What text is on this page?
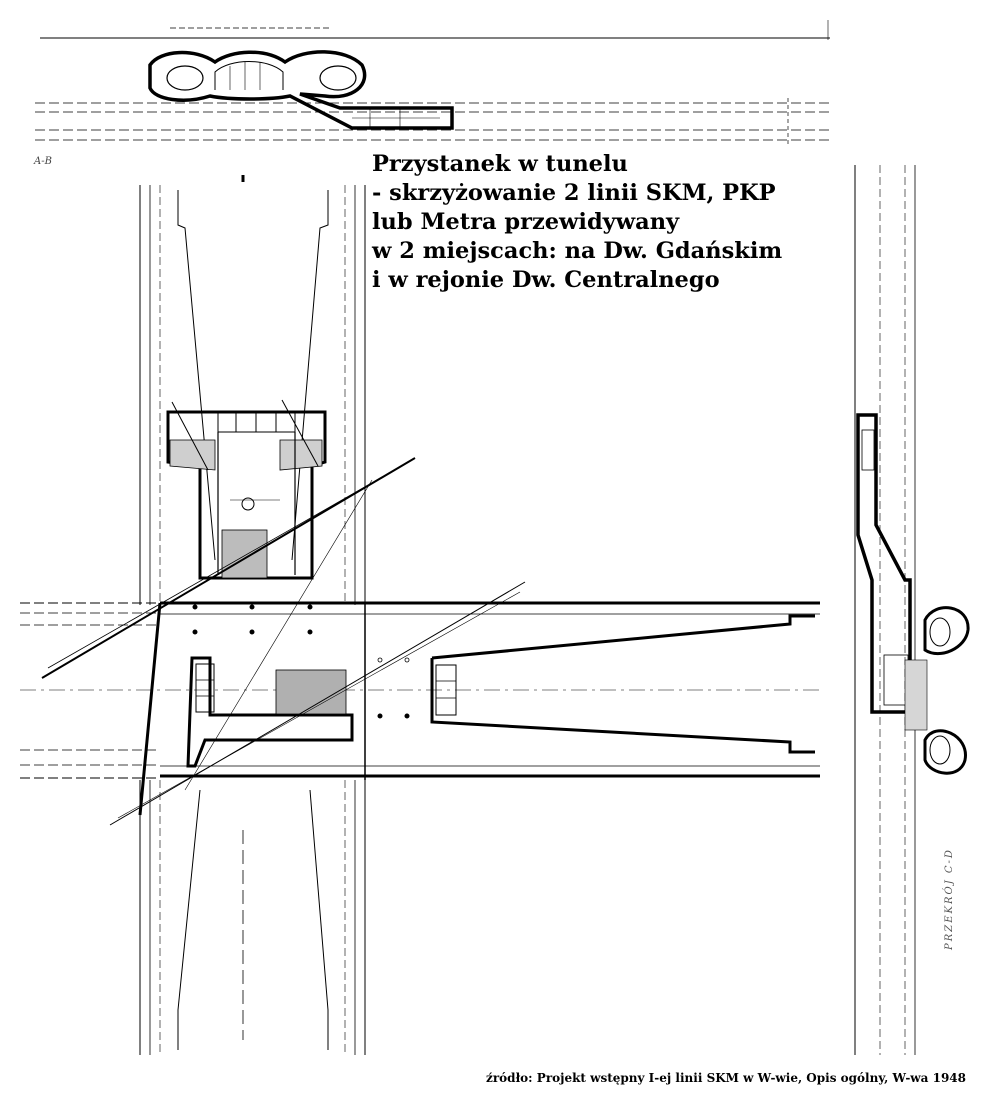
A-B	Przystanek w tunelu
- skrzyżowanie 2 linii SKM, PKP
lub Metra przewidywany
w 2 miejscach: na Dw. Gdańskim
i w rejonie Dw. Centralnego
PRZEKRÓJ C-D
źródło: Projekt wstępny I-ej linii SKM w W-wie, Opis ogólny, W-wa 1948
